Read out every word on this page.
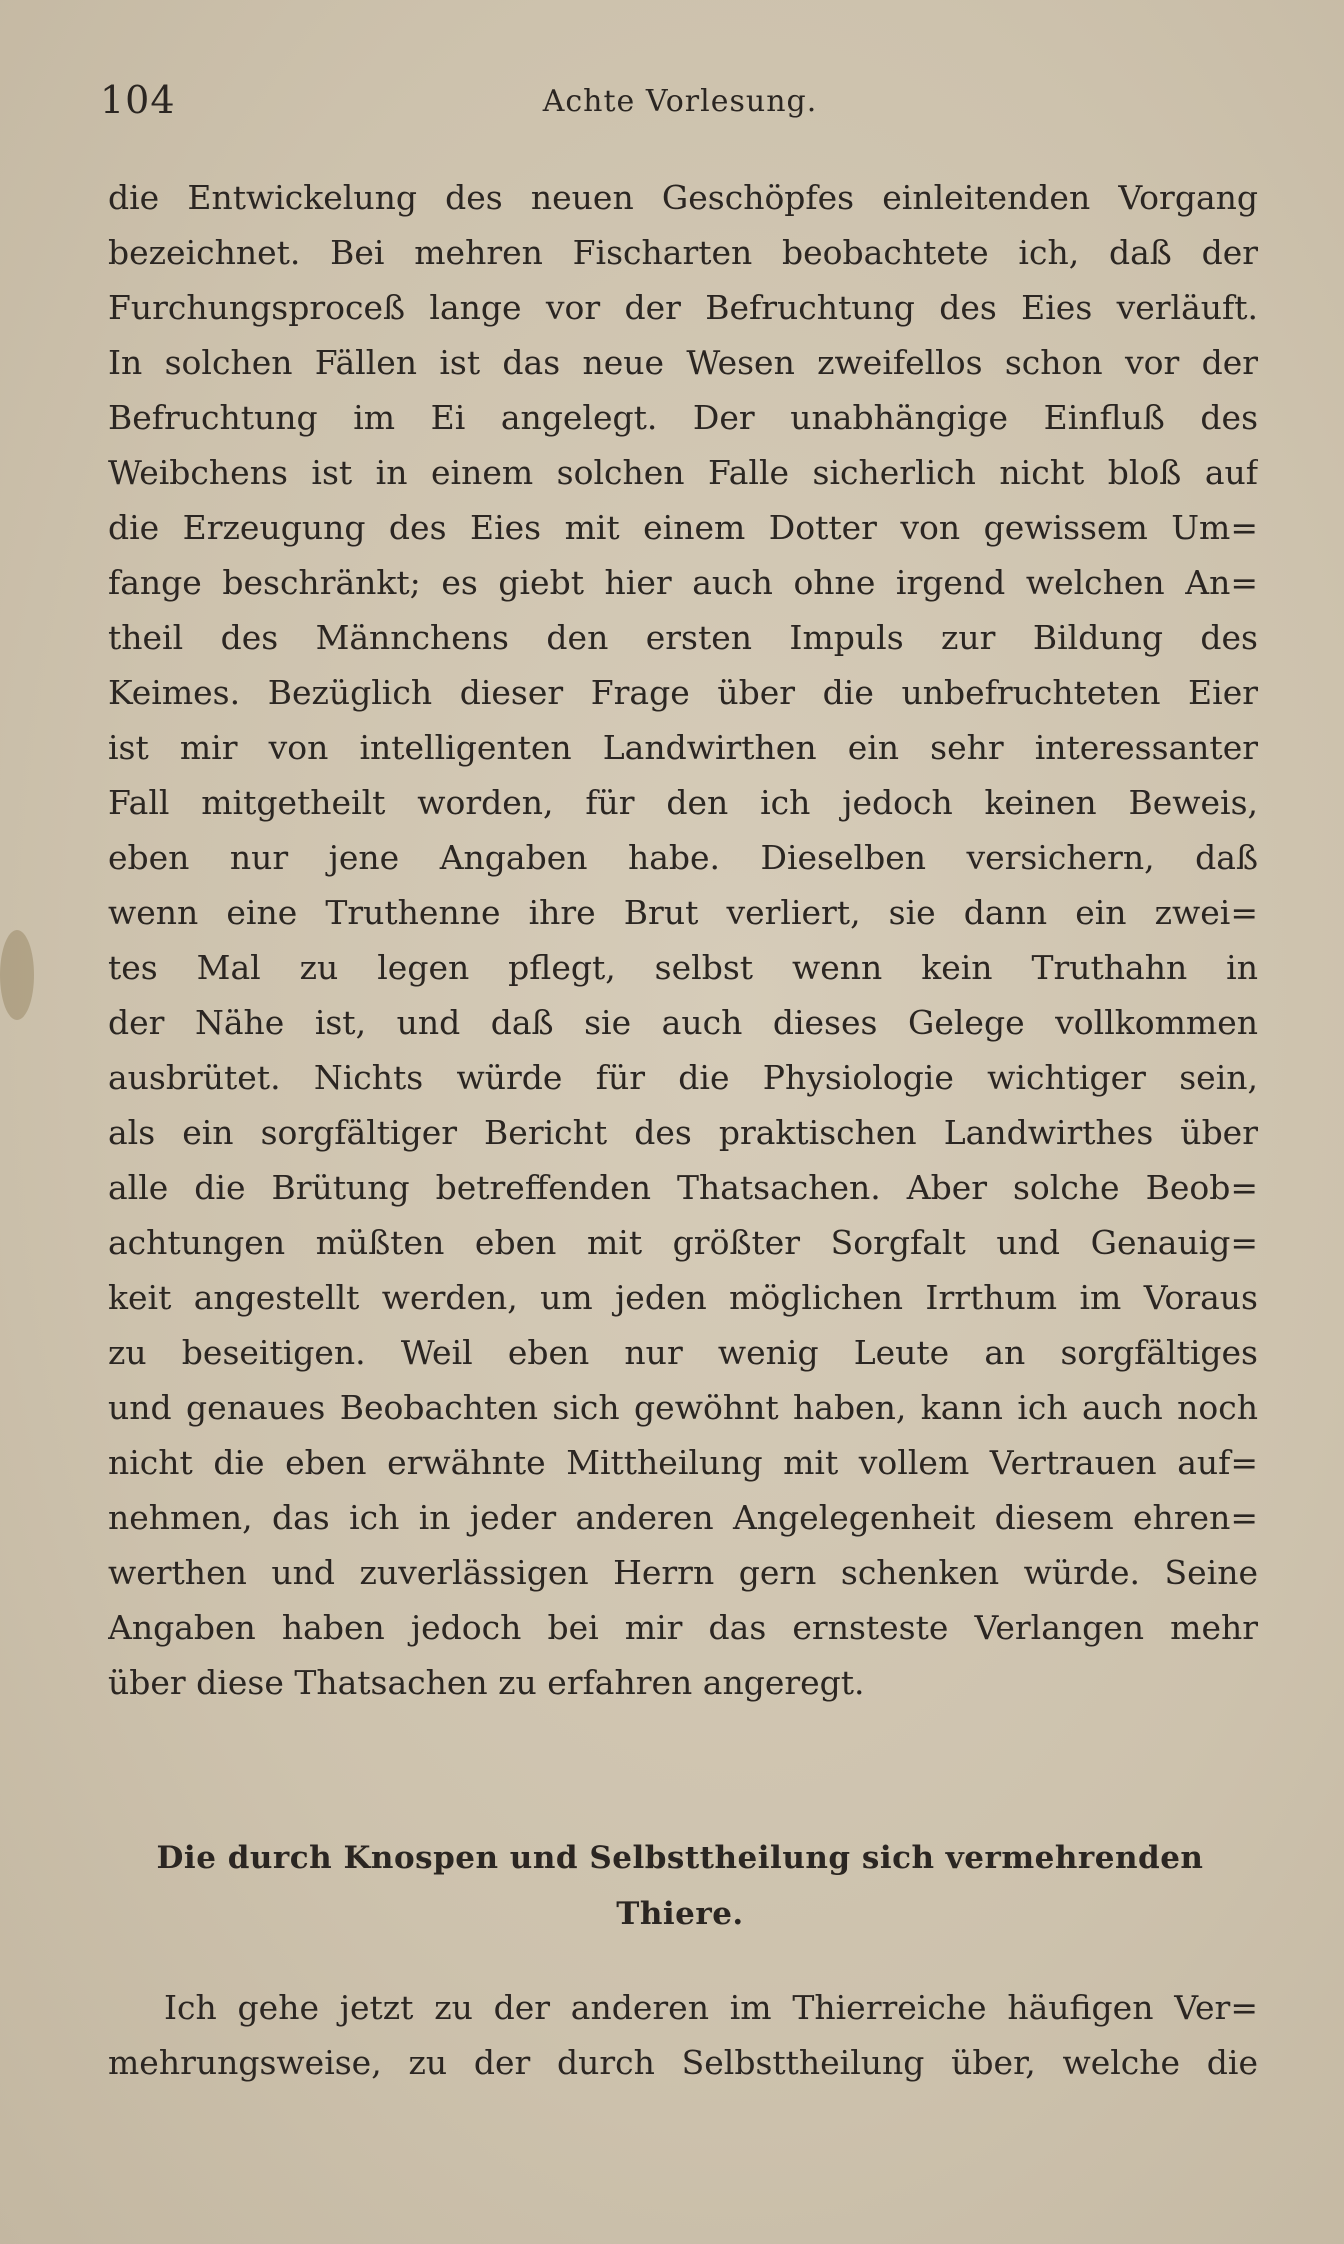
104	Achte Vorlesung.
die Entwickelung des neuen Geschöpfes einleitenden Vorgang
bezeichnet. Bei mehren Fischarten beobachtete ich, daß der
Furchungsproceß lange vor der Befruchtung des Eies verläuft.
In solchen Fällen ist das neue Wesen zweifellos schon vor der
Befruchtung im Ei angelegt. Der unabhängige Einfluß des
Weibchens ist in einem solchen Falle sicherlich nicht bloß auf
die Erzeugung des Eies mit einem Dotter von gewissem Um=
fange beschränkt; es giebt hier auch ohne irgend welchen An=
theil des Männchens den ersten Impuls zur Bildung des
Keimes. Bezüglich dieser Frage über die unbefruchteten Eier
ist mir von intelligenten Landwirthen ein sehr interessanter
Fall mitgetheilt worden, für den ich jedoch keinen Beweis,
eben nur jene Angaben habe. Dieselben versichern, daß
wenn eine Truthenne ihre Brut verliert, sie dann ein zwei=
tes Mal zu legen pflegt, selbst wenn kein Truthahn in
der Nähe ist, und daß sie auch dieses Gelege vollkommen
ausbrütet. Nichts würde für die Physiologie wichtiger sein,
als ein sorgfältiger Bericht des praktischen Landwirthes über
alle die Brütung betreffenden Thatsachen. Aber solche Beob=
achtungen müßten eben mit größter Sorgfalt und Genauig=
keit angestellt werden, um jeden möglichen Irrthum im Voraus
zu beseitigen. Weil eben nur wenig Leute an sorgfältiges
und genaues Beobachten sich gewöhnt haben, kann ich auch noch
nicht die eben erwähnte Mittheilung mit vollem Vertrauen auf=
nehmen, das ich in jeder anderen Angelegenheit diesem ehren=
werthen und zuverlässigen Herrn gern schenken würde. Seine
Angaben haben jedoch bei mir das ernsteste Verlangen mehr
über diese Thatsachen zu erfahren angeregt.
Die durch Knospen und Selbsttheilung sich vermehrenden
Thiere.
Ich gehe jetzt zu der anderen im Thierreiche häufigen Ver=
mehrungsweise, zu der durch Selbsttheilung über, welche die
